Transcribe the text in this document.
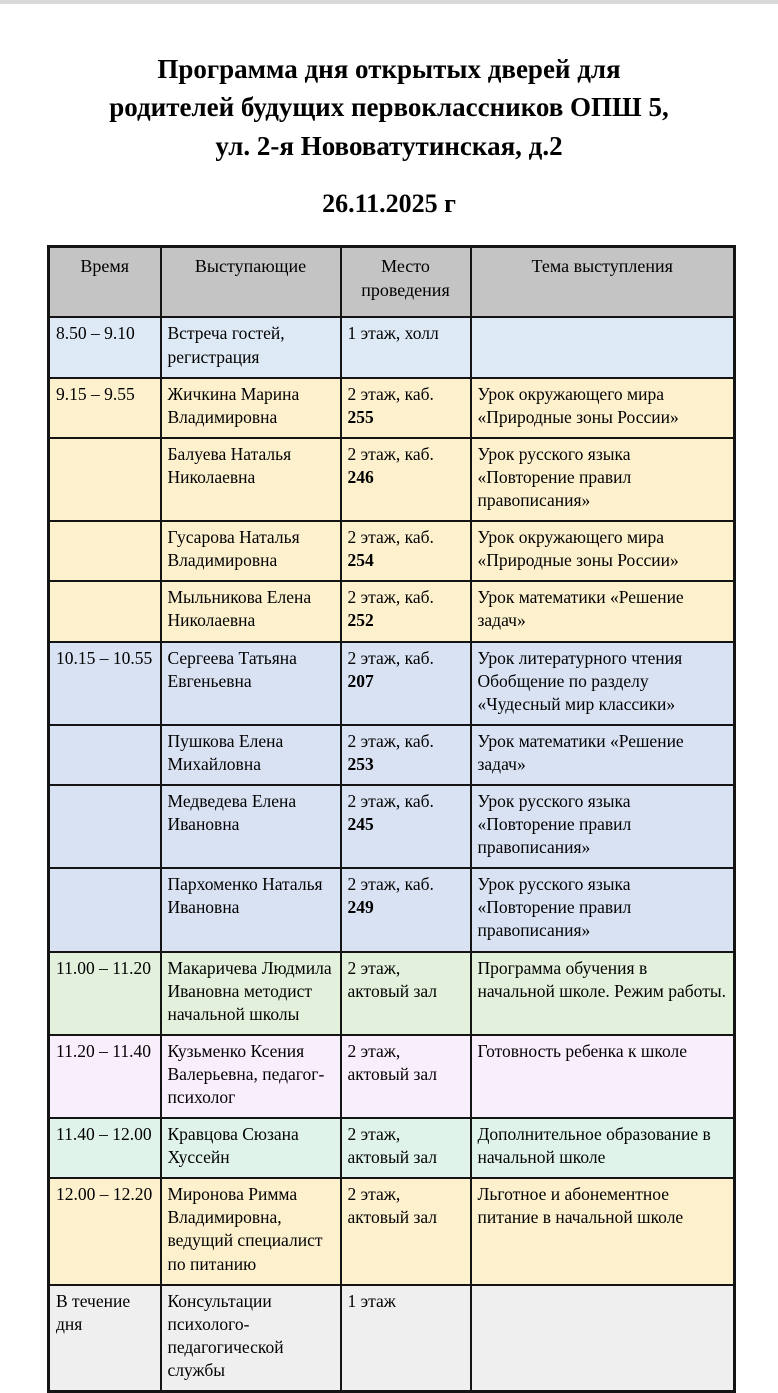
Программа дня открытых дверей для
родителей будущих первоклассников ОПШ 5,
ул. 2-я Нововатутинская, д.2
26.11.2025 г
Время	Выступающие	Место проведения	Тема выступления
8.50 – 9.10	Встреча гостей, регистрация	1 этаж, холл	
9.15 – 9.55	Жичкина Марина Владимировна	2 этаж, каб. 255	Урок окружающего мира «Природные зоны России»
	Балуева Наталья Николаевна	2 этаж, каб. 246	Урок русского языка «Повторение правил правописания»
	Гусарова Наталья Владимировна	2 этаж, каб. 254	Урок окружающего мира «Природные зоны России»
	Мыльникова Елена Николаевна	2 этаж, каб. 252	Урок математики «Решение задач»
10.15 – 10.55	Сергеева Татьяна Евгеньевна	2 этаж, каб. 207	Урок литературного чтения Обобщение по разделу «Чудесный мир классики»
	Пушкова Елена Михайловна	2 этаж, каб. 253	Урок математики «Решение задач»
	Медведева Елена Ивановна	2 этаж, каб. 245	Урок русского языка «Повторение правил правописания»
	Пархоменко Наталья Ивановна	2 этаж, каб. 249	Урок русского языка «Повторение правил правописания»
11.00 – 11.20	Макаричева Людмила Ивановна методист начальной школы	2 этаж, актовый зал	Программа обучения в начальной школе. Режим работы.
11.20 – 11.40	Кузьменко Ксения Валерьевна, педагог-психолог	2 этаж, актовый зал	Готовность ребенка к школе
11.40 – 12.00	Кравцова Сюзана Хуссейн	2 этаж, актовый зал	Дополнительное образование в начальной школе
12.00 – 12.20	Миронова Римма Владимировна, ведущий специалист по питанию	2 этаж, актовый зал	Льготное и абонементное питание в начальной школе
В течение дня	Консультации психолого-педагогической службы	1 этаж	
